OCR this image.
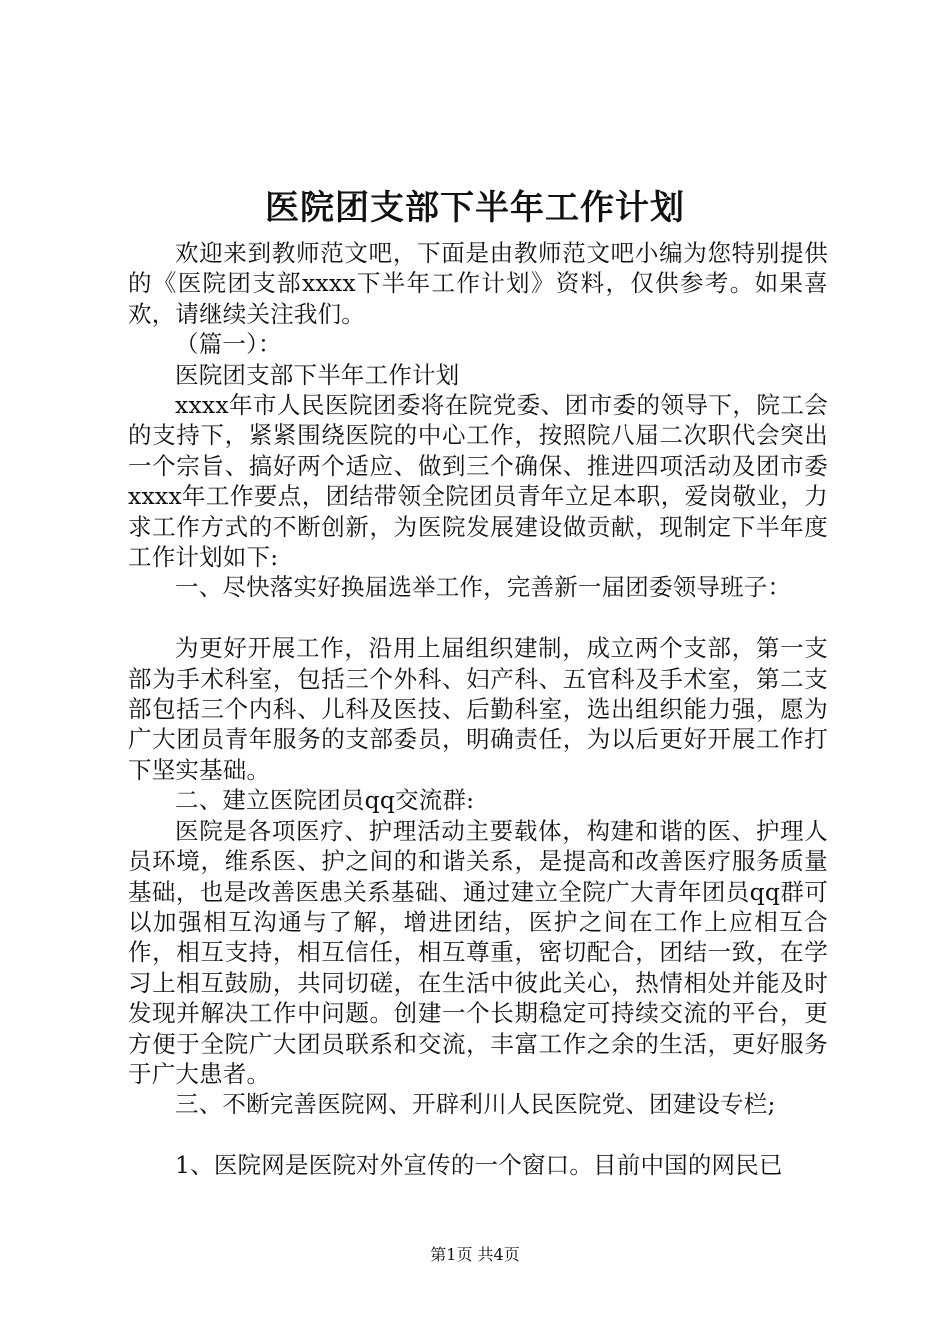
医院团支部下半年工作计划

欢迎来到教师范文吧，下面是由教师范文吧小编为您特别提供的《医院团支部xxxx下半年工作计划》资料，仅供参考。如果喜欢，请继续关注我们。

（篇一）：

医院团支部下半年工作计划

xxxx年市人民医院团委将在院党委、团市委的领导下，院工会的支持下，紧紧围绕医院的中心工作，按照院八届二次职代会突出一个宗旨、搞好两个适应、做到三个确保、推进四项活动及团市委xxxx年工作要点，团结带领全院团员青年立足本职，爱岗敬业，力求工作方式的不断创新，为医院发展建设做贡献，现制定下半年度工作计划如下:

一、尽快落实好换届选举工作，完善新一届团委领导班子：

为更好开展工作，沿用上届组织建制，成立两个支部，第一支部为手术科室，包括三个外科、妇产科、五官科及手术室，第二支部包括三个内科、儿科及医技、后勤科室，选出组织能力强，愿为广大团员青年服务的支部委员，明确责任，为以后更好开展工作打下坚实基础。

二、建立医院团员qq交流群:

医院是各项医疗、护理活动主要载体，构建和谐的医、护理人员环境，维系医、护之间的和谐关系，是提高和改善医疗服务质量基础，也是改善医患关系基础、通过建立全院广大青年团员qq群可以加强相互沟通与了解，增进团结，医护之间在工作上应相互合作，相互支持，相互信任，相互尊重，密切配合，团结一致，在学习上相互鼓励，共同切磋，在生活中彼此关心，热情相处并能及时发现并解决工作中问题。创建一个长期稳定可持续交流的平台，更方便于全院广大团员联系和交流，丰富工作之余的生活，更好服务于广大患者。

三、不断完善医院网、开辟利川人民医院党、团建设专栏;

1、医院网是医院对外宣传的一个窗口。目前中国的网民已

第1页 共4页
